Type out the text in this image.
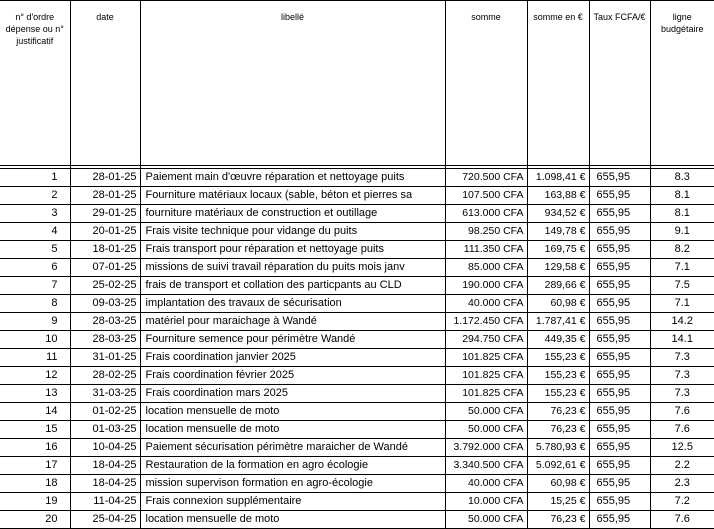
n° d'ordre dépense ou n° justificatif	date	libellé	somme	somme en €	Taux FCFA/€	ligne budgétaire

1	28-01-25	Paiement main d'œuvre réparation et nettoyage puits	720.500 CFA	1.098,41 €	655,95	8.3
2	28-01-25	Fourniture matériaux locaux (sable, béton et pierres sa	107.500 CFA	163,88 €	655,95	8.1
3	29-01-25	fourniture matériaux de construction et outillage	613.000 CFA	934,52 €	655,95	8.1
4	20-01-25	Frais visite technique pour vidange du puits	98.250 CFA	149,78 €	655,95	9.1
5	18-01-25	Frais transport pour réparation et nettoyage puits	111.350 CFA	169,75 €	655,95	8.2
6	07-01-25	missions de suivi travail réparation du puits mois janv	85.000 CFA	129,58 €	655,95	7.1
7	25-02-25	frais de transport et collation des particpants au CLD	190.000 CFA	289,66 €	655,95	7.5
8	09-03-25	implantation des travaux de sécurisation	40.000 CFA	60,98 €	655,95	7.1
9	28-03-25	matériel pour maraichage à Wandé	1.172.450 CFA	1.787,41 €	655,95	14.2
10	28-03-25	Fourniture semence pour périmètre Wandé	294.750 CFA	449,35 €	655,95	14.1
11	31-01-25	Frais coordination janvier 2025	101.825 CFA	155,23 €	655,95	7.3
12	28-02-25	Frais coordination février 2025	101.825 CFA	155,23 €	655,95	7.3
13	31-03-25	Frais coordination mars 2025	101.825 CFA	155,23 €	655,95	7.3
14	01-02-25	location mensuelle de moto	50.000 CFA	76,23 €	655,95	7.6
15	01-03-25	location mensuelle de moto	50.000 CFA	76,23 €	655,95	7.6
16	10-04-25	Paiement sécurisation périmètre maraicher de Wandé	3.792.000 CFA	5.780,93 €	655,95	12.5
17	18-04-25	Restauration de la formation en agro écologie	3.340.500 CFA	5.092,61 €	655,95	2.2
18	18-04-25	mission supervison formation en agro-écologie	40.000 CFA	60,98 €	655,95	2.3
19	11-04-25	Frais connexion supplémentaire	10.000 CFA	15,25 €	655,95	7.2
20	25-04-25	location mensuelle de moto	50.000 CFA	76,23 €	655,95	7.6
